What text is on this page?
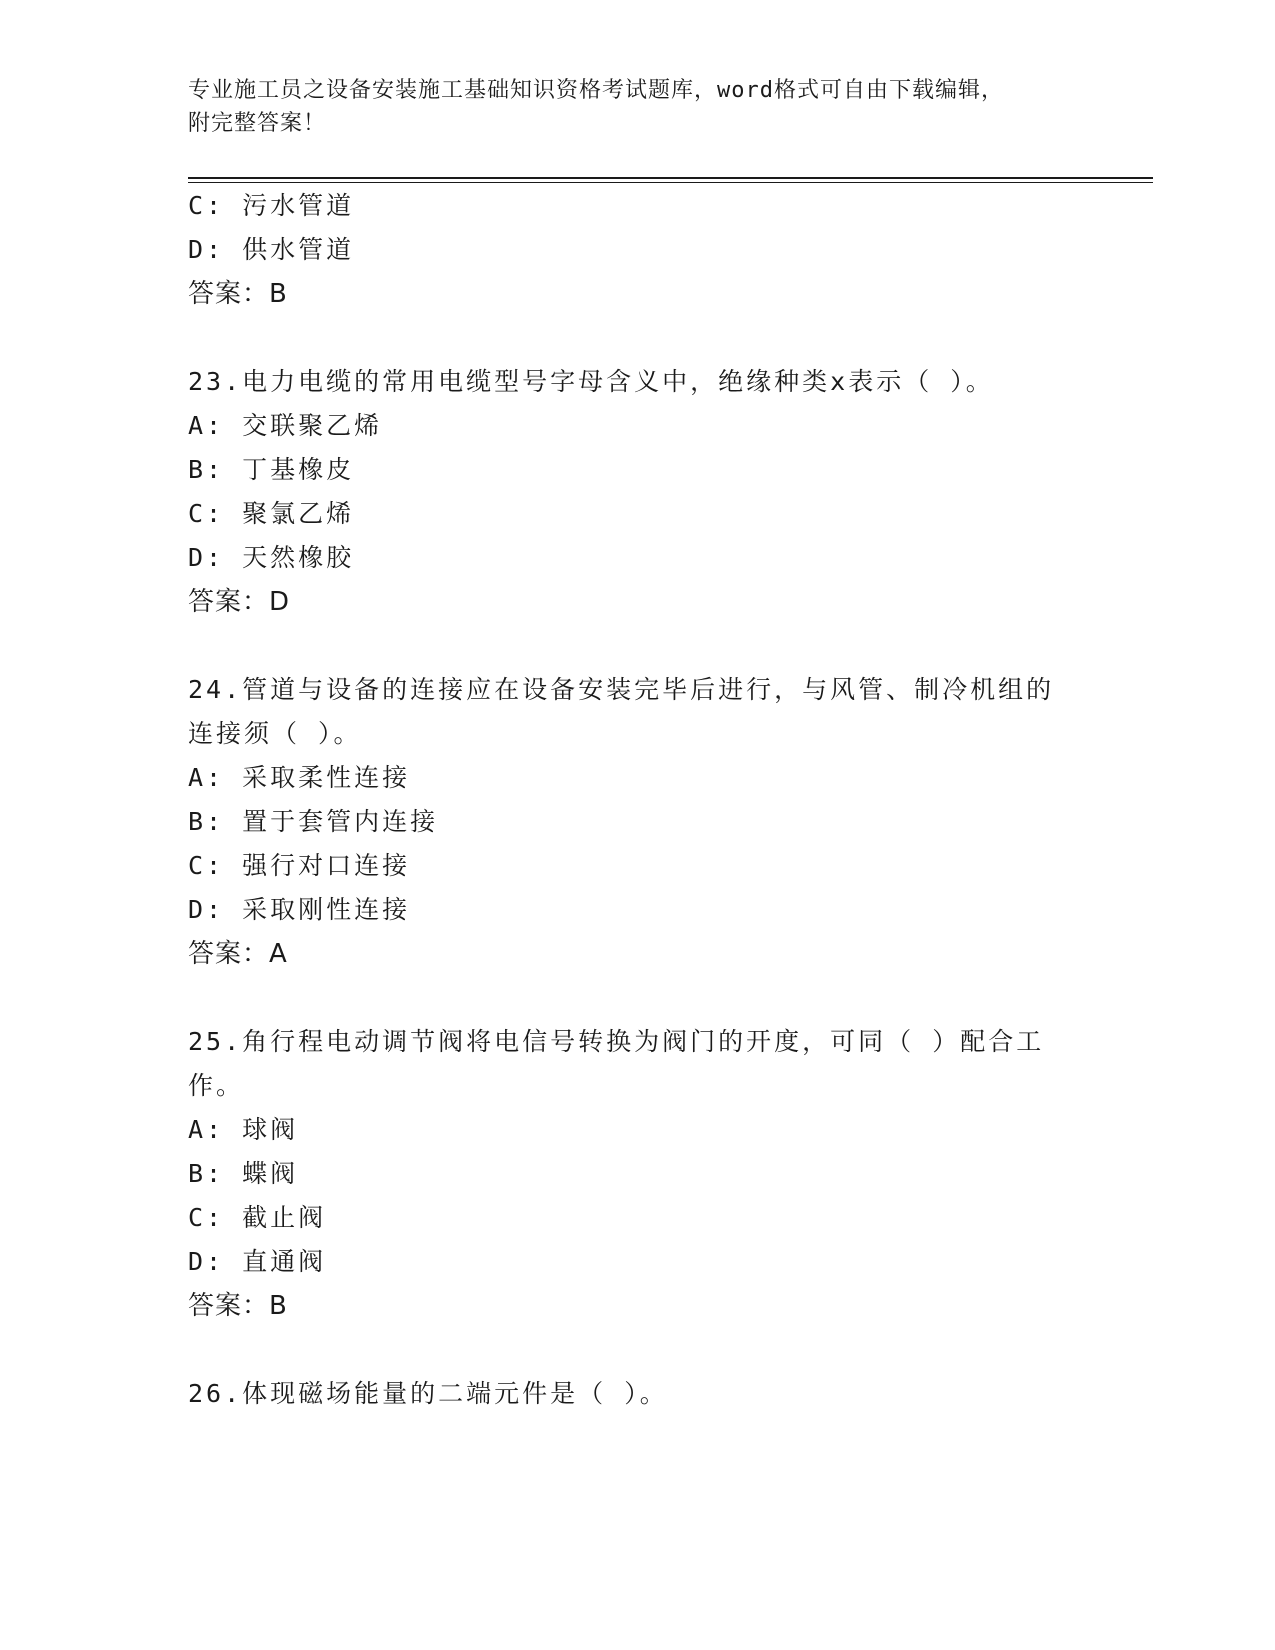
专业施工员之设备安装施工基础知识资格考试题库，word格式可自由下载编辑，
附完整答案！
C: 污水管道
D: 供水管道
答案：B
23.电力电缆的常用电缆型号字母含义中，绝缘种类x表示（ ）。
A: 交联聚乙烯
B: 丁基橡皮
C: 聚氯乙烯
D: 天然橡胶
答案：D
24.管道与设备的连接应在设备安装完毕后进行，与风管、制冷机组的
连接须（ ）。
A: 采取柔性连接
B: 置于套管内连接
C: 强行对口连接
D: 采取刚性连接
答案：A
25.角行程电动调节阀将电信号转换为阀门的开度，可同（ ）配合工
作。
A: 球阀
B: 蝶阀
C: 截止阀
D: 直通阀
答案：B
26.体现磁场能量的二端元件是（ ）。
